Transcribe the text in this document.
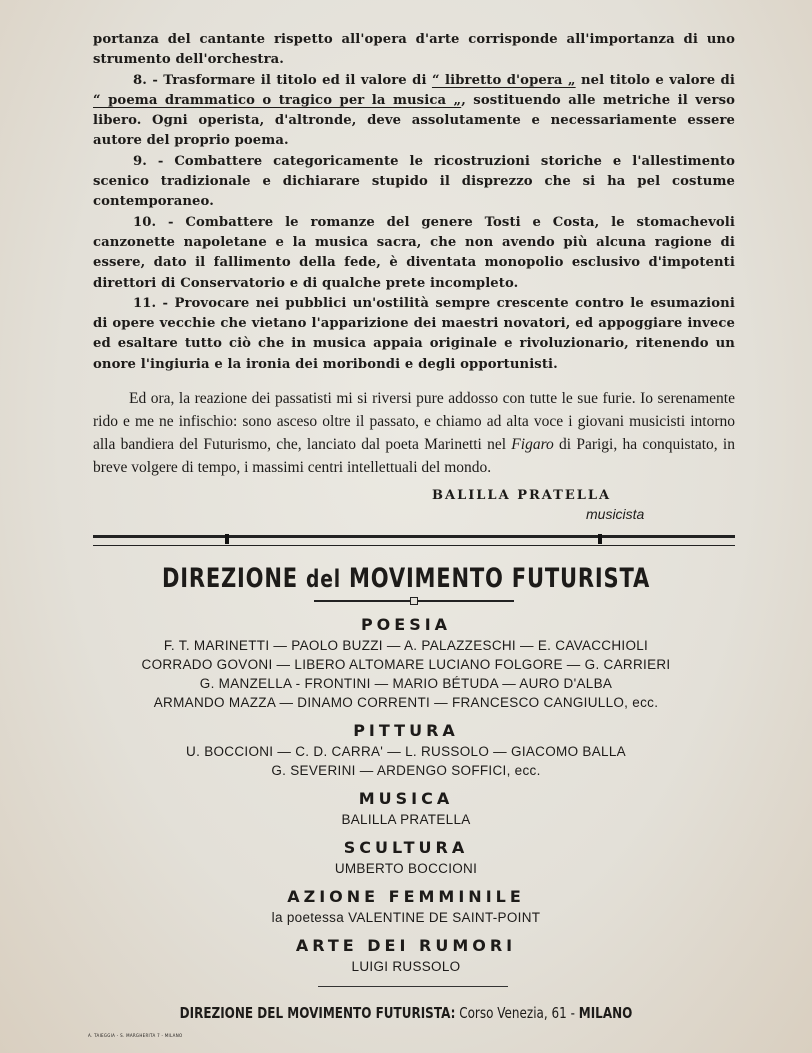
portanza del cantante rispetto all'opera d'arte corrisponde all'importanza di uno strumento dell'orchestra.

8. - Trasformare il titolo ed il valore di “ libretto d'opera „ nel titolo e valore di “ poema drammatico o tragico per la musica „, sostituendo alle metriche il verso libero. Ogni operista, d'altronde, deve assolutamente e necessariamente essere autore del proprio poema.

9. - Combattere categoricamente le ricostruzioni storiche e l'allestimento scenico tradizionale e dichiarare stupido il disprezzo che si ha pel costume contemporaneo.

10. - Combattere le romanze del genere Tosti e Costa, le stomachevoli canzonette napoletane e la musica sacra, che non avendo più alcuna ragione di essere, dato il fallimento della fede, è diventata monopolio esclusivo d'impotenti direttori di Conservatorio e di qualche prete incompleto.

11. - Provocare nei pubblici un'ostilità sempre crescente contro le esumazioni di opere vecchie che vietano l'apparizione dei maestri novatori, ed appoggiare invece ed esaltare tutto ciò che in musica appaia originale e rivoluzionario, ritenendo un onore l'ingiuria e la ironia dei moribondi e degli opportunisti.

Ed ora, la reazione dei passatisti mi si riversi pure addosso con tutte le sue furie. Io serenamente rido e me ne infischio: sono asceso oltre il passato, e chiamo ad alta voce i giovani musicisti intorno alla bandiera del Futurismo, che, lanciato dal poeta Marinetti nel Figaro di Parigi, ha conquistato, in breve volgere di tempo, i massimi centri intellettuali del mondo.

BALILLA PRATELLA
musicista
DIREZIONE del MOVIMENTO FUTURISTA
POESIA
F. T. MARINETTI — PAOLO BUZZI — A. PALAZZESCHI — E. CAVACCHIOLI
CORRADO GOVONI — LIBERO ALTOMARE LUCIANO FOLGORE — G. CARRIERI
G. MANZELLA - FRONTINI — MARIO BÉTUDA — AURO D'ALBA
ARMANDO MAZZA — DINAMO CORRENTI — FRANCESCO CANGIULLO, ecc.
PITTURA
U. BOCCIONI — C. D. CARRA' — L. RUSSOLO — GIACOMO BALLA
G. SEVERINI — ARDENGO SOFFICI, ecc.
MUSICA
BALILLA PRATELLA
SCULTURA
UMBERTO BOCCIONI
AZIONE FEMMINILE
la poetessa VALENTINE DE SAINT-POINT
ARTE DEI RUMORI
LUIGI RUSSOLO
DIREZIONE DEL MOVIMENTO FUTURISTA: Corso Venezia, 61 - MILANO
A. TAIEGGIA - S. MARGHERITA 7 - MILANO
